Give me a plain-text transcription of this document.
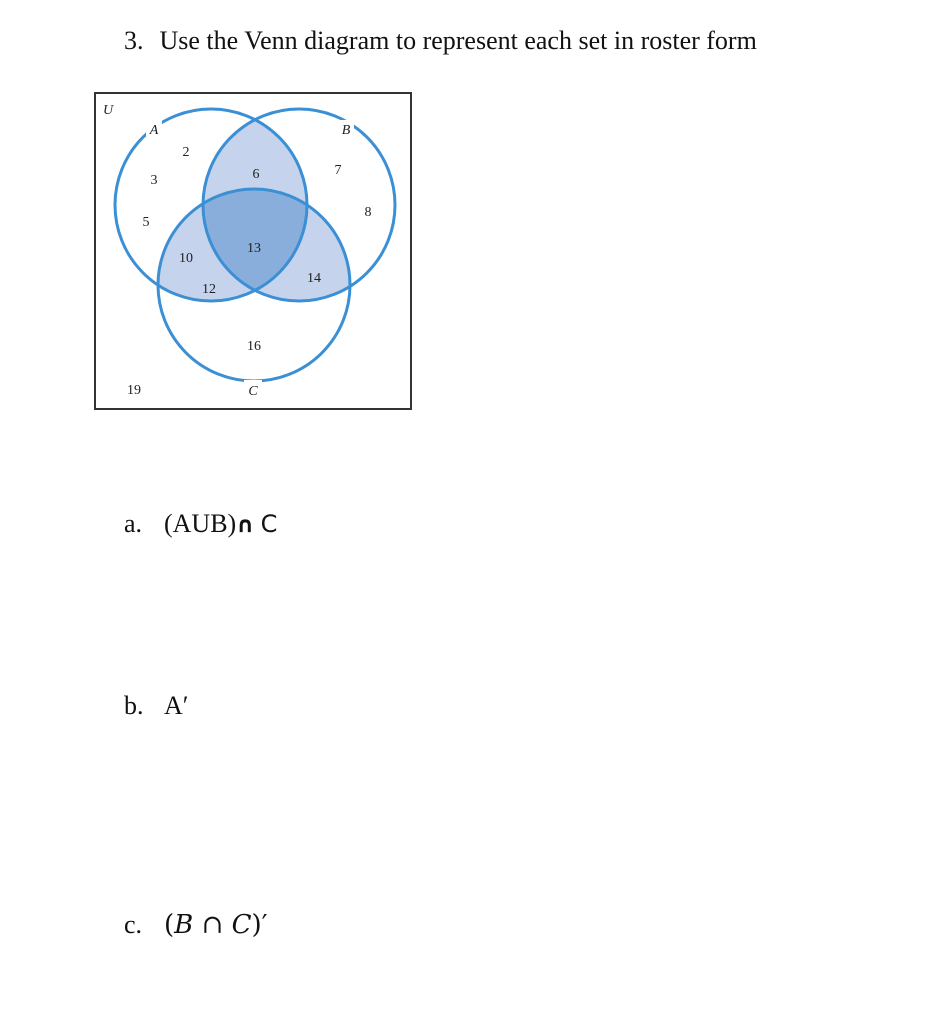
3. Use the Venn diagram to represent each set in roster form
U
A	B
C
2
3
5
7
8
6
13
10
12
14
16
19
a. (AUB)∩ C
b. A′
c. (B ∩ C)′
